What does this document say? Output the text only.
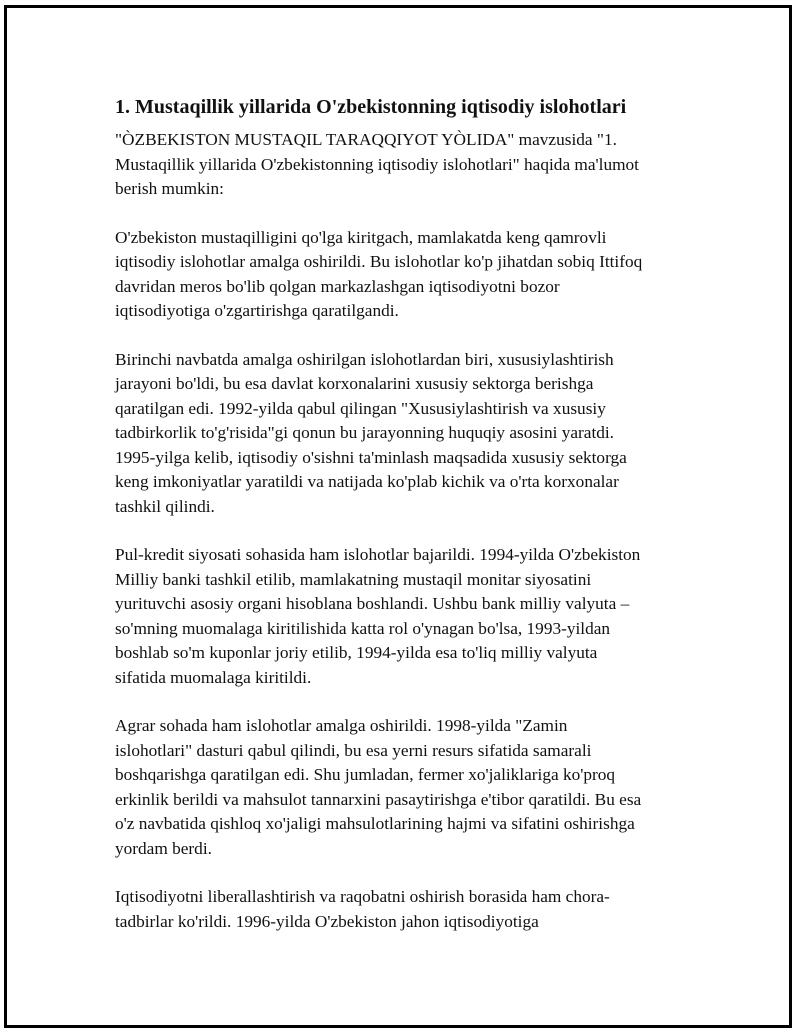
1. Mustaqillik yillarida O'zbekistonning iqtisodiy islohotlari

"ÒZBEKISTON MUSTAQIL TARAQQIYOT YÒLIDA" mavzusida "1.
Mustaqillik yillarida O'zbekistonning iqtisodiy islohotlari" haqida ma'lumot
berish mumkin:

O'zbekiston mustaqilligini qo'lga kiritgach, mamlakatda keng qamrovli
iqtisodiy islohotlar amalga oshirildi. Bu islohotlar ko'p jihatdan sobiq Ittifoq
davridan meros bo'lib qolgan markazlashgan iqtisodiyotni bozor
iqtisodiyotiga o'zgartirishga qaratilgandi.

Birinchi navbatda amalga oshirilgan islohotlardan biri, xususiylashtirish
jarayoni bo'ldi, bu esa davlat korxonalarini xususiy sektorga berishga
qaratilgan edi. 1992-yilda qabul qilingan "Xususiylashtirish va xususiy
tadbirkorlik to'g'risida"gi qonun bu jarayonning huquqiy asosini yaratdi.
1995-yilga kelib, iqtisodiy o'sishni ta'minlash maqsadida xususiy sektorga
keng imkoniyatlar yaratildi va natijada ko'plab kichik va o'rta korxonalar
tashkil qilindi.

Pul-kredit siyosati sohasida ham islohotlar bajarildi. 1994-yilda O'zbekiston
Milliy banki tashkil etilib, mamlakatning mustaqil monitar siyosatini
yurituvchi asosiy organi hisoblana boshlandi. Ushbu bank milliy valyuta –
so'mning muomalaga kiritilishida katta rol o'ynagan bo'lsa, 1993-yildan
boshlab so'm kuponlar joriy etilib, 1994-yilda esa to'liq milliy valyuta
sifatida muomalaga kiritildi.

Agrar sohada ham islohotlar amalga oshirildi. 1998-yilda "Zamin
islohotlari" dasturi qabul qilindi, bu esa yerni resurs sifatida samarali
boshqarishga qaratilgan edi. Shu jumladan, fermer xo'jaliklariga ko'proq
erkinlik berildi va mahsulot tannarxini pasaytirishga e'tibor qaratildi. Bu esa
o'z navbatida qishloq xo'jaligi mahsulotlarining hajmi va sifatini oshirishga
yordam berdi.

Iqtisodiyotni liberallashtirish va raqobatni oshirish borasida ham chora-
tadbirlar ko'rildi. 1996-yilda O'zbekiston jahon iqtisodiyotiga
